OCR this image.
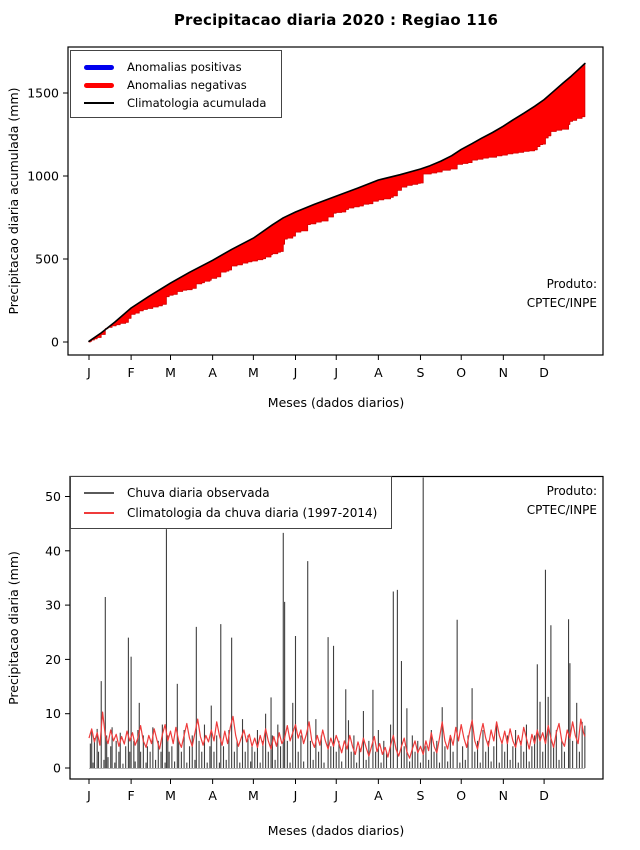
J	F M	A M	J	J	A	S	O	N	D
0
500
1000
1500
J	F M	A M	J	J	A	S	O	N	D
0
10
20
30
40
50
Precipitacao diaria 2020 : Regiao 116
Precipitacao diaria acumulada (mm)
Meses (dados diarios)
Precipitacao diaria (mm)
Meses (dados diarios)
Anomalias positivas
Anomalias negativas
Climatologia acumulada
Produto:
CPTEC/INPE
Chuva diaria observada
Climatologia da chuva diaria (1997-2014)
Produto:
CPTEC/INPE
